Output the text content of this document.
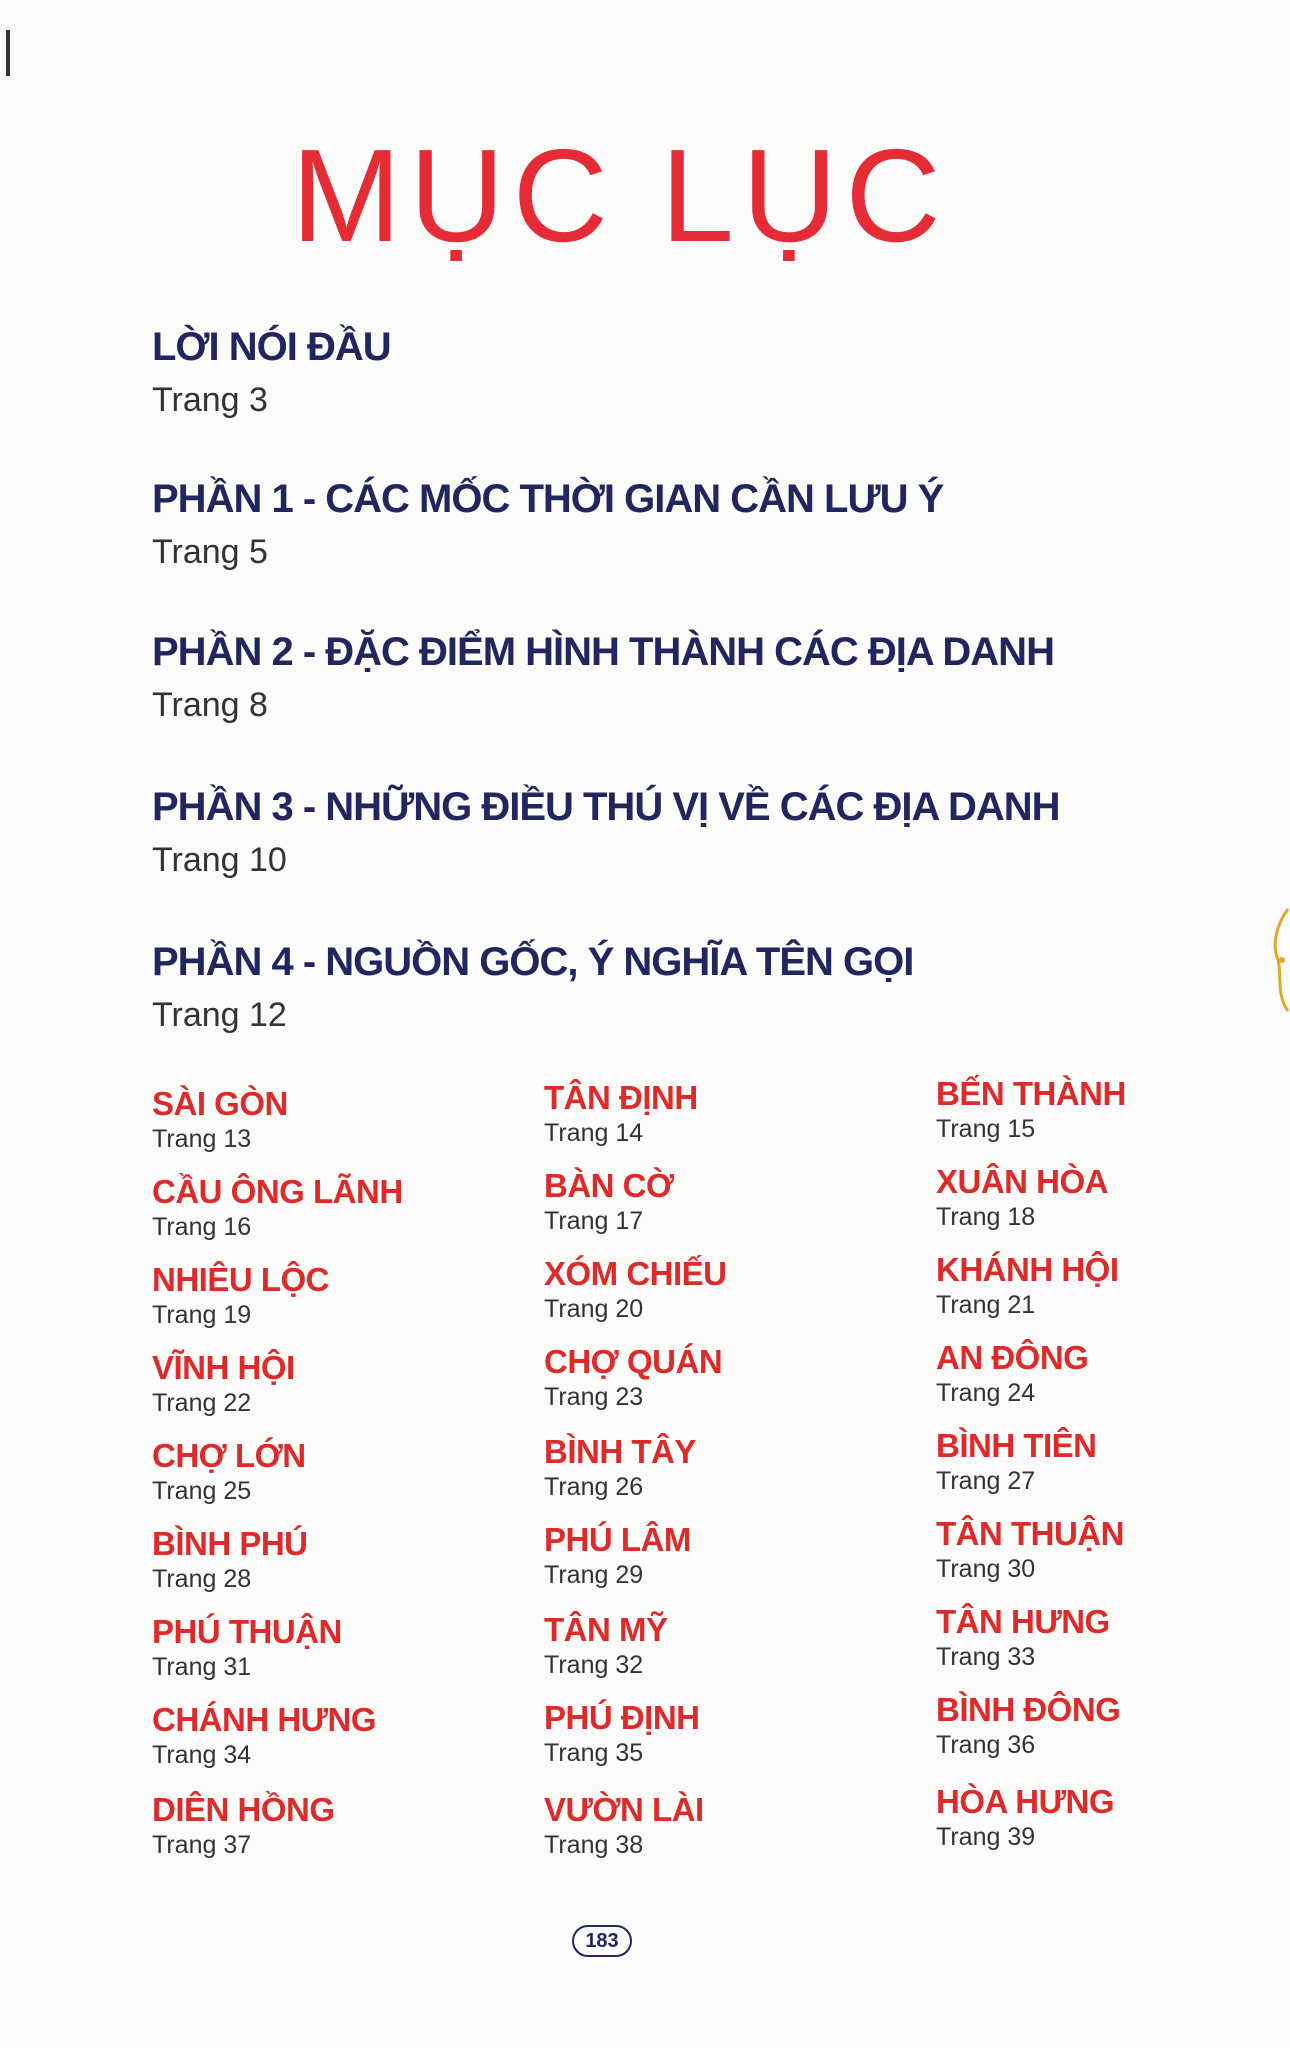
MỤC LỤC
LỜI NÓI ĐẦU
Trang 3
PHẦN 1 - CÁC MỐC THỜI GIAN CẦN LƯU Ý
Trang 5
PHẦN 2 - ĐẶC ĐIỂM HÌNH THÀNH CÁC ĐỊA DANH
Trang 8
PHẦN 3 - NHỮNG ĐIỀU THÚ VỊ VỀ CÁC ĐỊA DANH
Trang 10
PHẦN 4 - NGUỒN GỐC, Ý NGHĨA TÊN GỌI
Trang 12
SÀI GÒN
Trang 13
TÂN ĐỊNH
Trang 14
BẾN THÀNH
Trang 15
CẦU ÔNG LÃNH
Trang 16
BÀN CỜ
Trang 17
XUÂN HÒA
Trang 18
NHIÊU LỘC
Trang 19
XÓM CHIẾU
Trang 20
KHÁNH HỘI
Trang 21
VĨNH HỘI
Trang 22
CHỢ QUÁN
Trang 23
AN ĐÔNG
Trang 24
CHỢ LỚN
Trang 25
BÌNH TÂY
Trang 26
BÌNH TIÊN
Trang 27
BÌNH PHÚ
Trang 28
PHÚ LÂM
Trang 29
TÂN THUẬN
Trang 30
PHÚ THUẬN
Trang 31
TÂN MỸ
Trang 32
TÂN HƯNG
Trang 33
CHÁNH HƯNG
Trang 34
PHÚ ĐỊNH
Trang 35
BÌNH ĐÔNG
Trang 36
DIÊN HỒNG
Trang 37
VƯỜN LÀI
Trang 38
HÒA HƯNG
Trang 39
183
